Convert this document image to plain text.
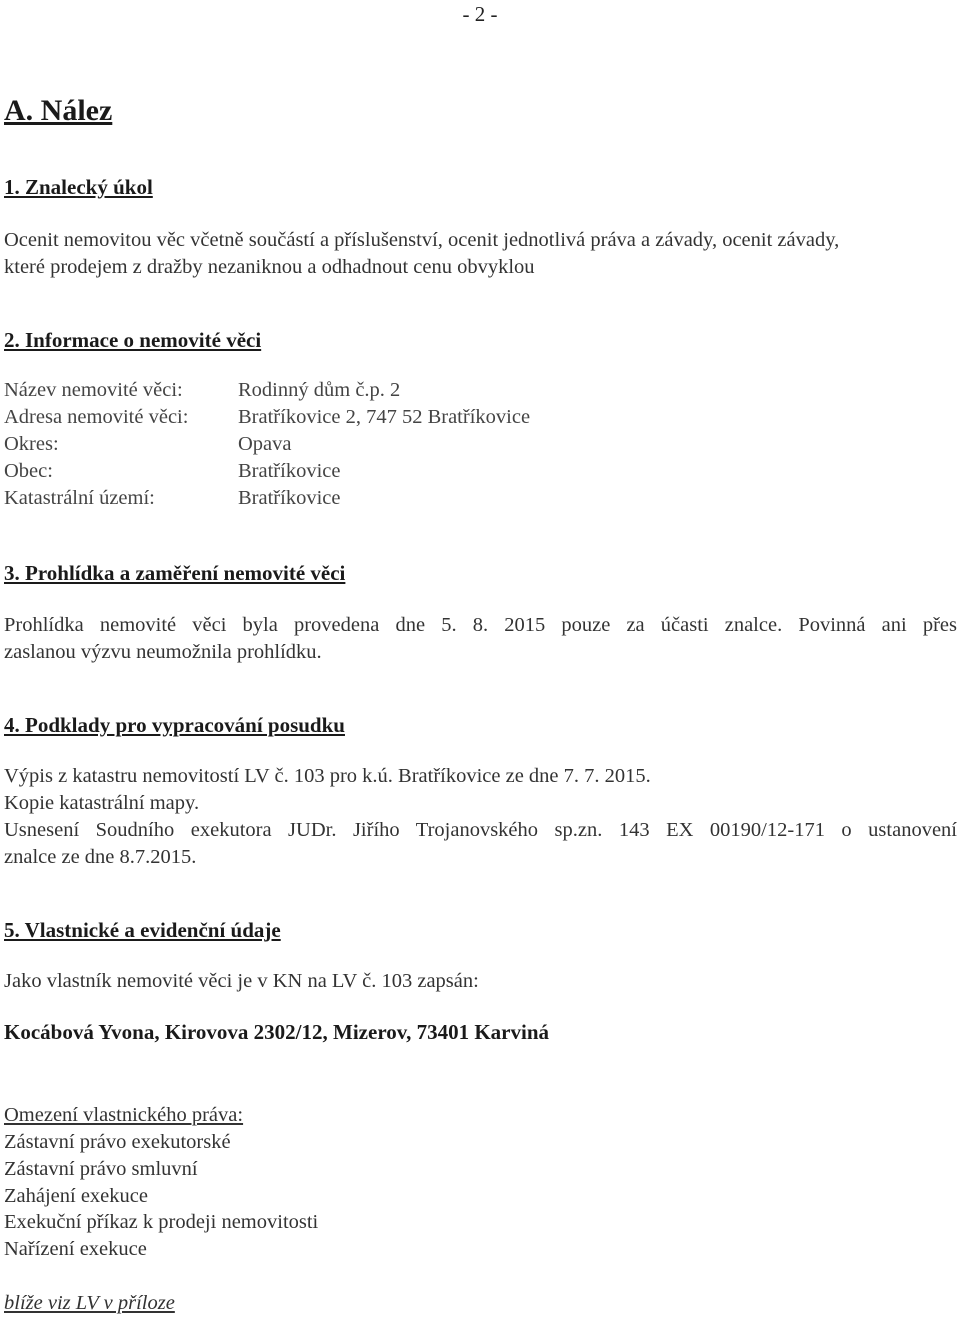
- 2 -
A. Nález
1. Znalecký úkol
Ocenit nemovitou věc včetně součástí a příslušenství, ocenit jednotlivá práva a závady, ocenit závady,
které prodejem z dražby nezaniknou a odhadnout cenu obvyklou
2. Informace o nemovité věci
Název nemovité věci:	Rodinný dům č.p. 2
Adresa nemovité věci: Bratříkovice 2, 747 52 Bratříkovice
Okres:	Opava
Obec:	Bratříkovice
Katastrální území:	Bratříkovice
3. Prohlídka a zaměření nemovité věci
Prohlídka nemovité věci byla provedena dne 5. 8. 2015 pouze za účasti znalce. Povinná ani přes
zaslanou výzvu neumožnila prohlídku.
4. Podklady pro vypracování posudku
Výpis z katastru nemovitostí LV č. 103 pro k.ú. Bratříkovice ze dne 7. 7. 2015.
Kopie katastrální mapy.
Usnesení Soudního exekutora JUDr. Jiřího Trojanovského sp.zn. 143 EX 00190/12-171 o ustanovení
znalce ze dne 8.7.2015.
5. Vlastnické a evidenční údaje
Jako vlastník nemovité věci je v KN na LV č. 103 zapsán:
Kocábová Yvona, Kirovova 2302/12, Mizerov, 73401 Karviná
Omezení vlastnického práva:
Zástavní právo exekutorské
Zástavní právo smluvní
Zahájení exekuce
Exekuční příkaz k prodeji nemovitosti
Nařízení exekuce
blíže viz LV v příloze
